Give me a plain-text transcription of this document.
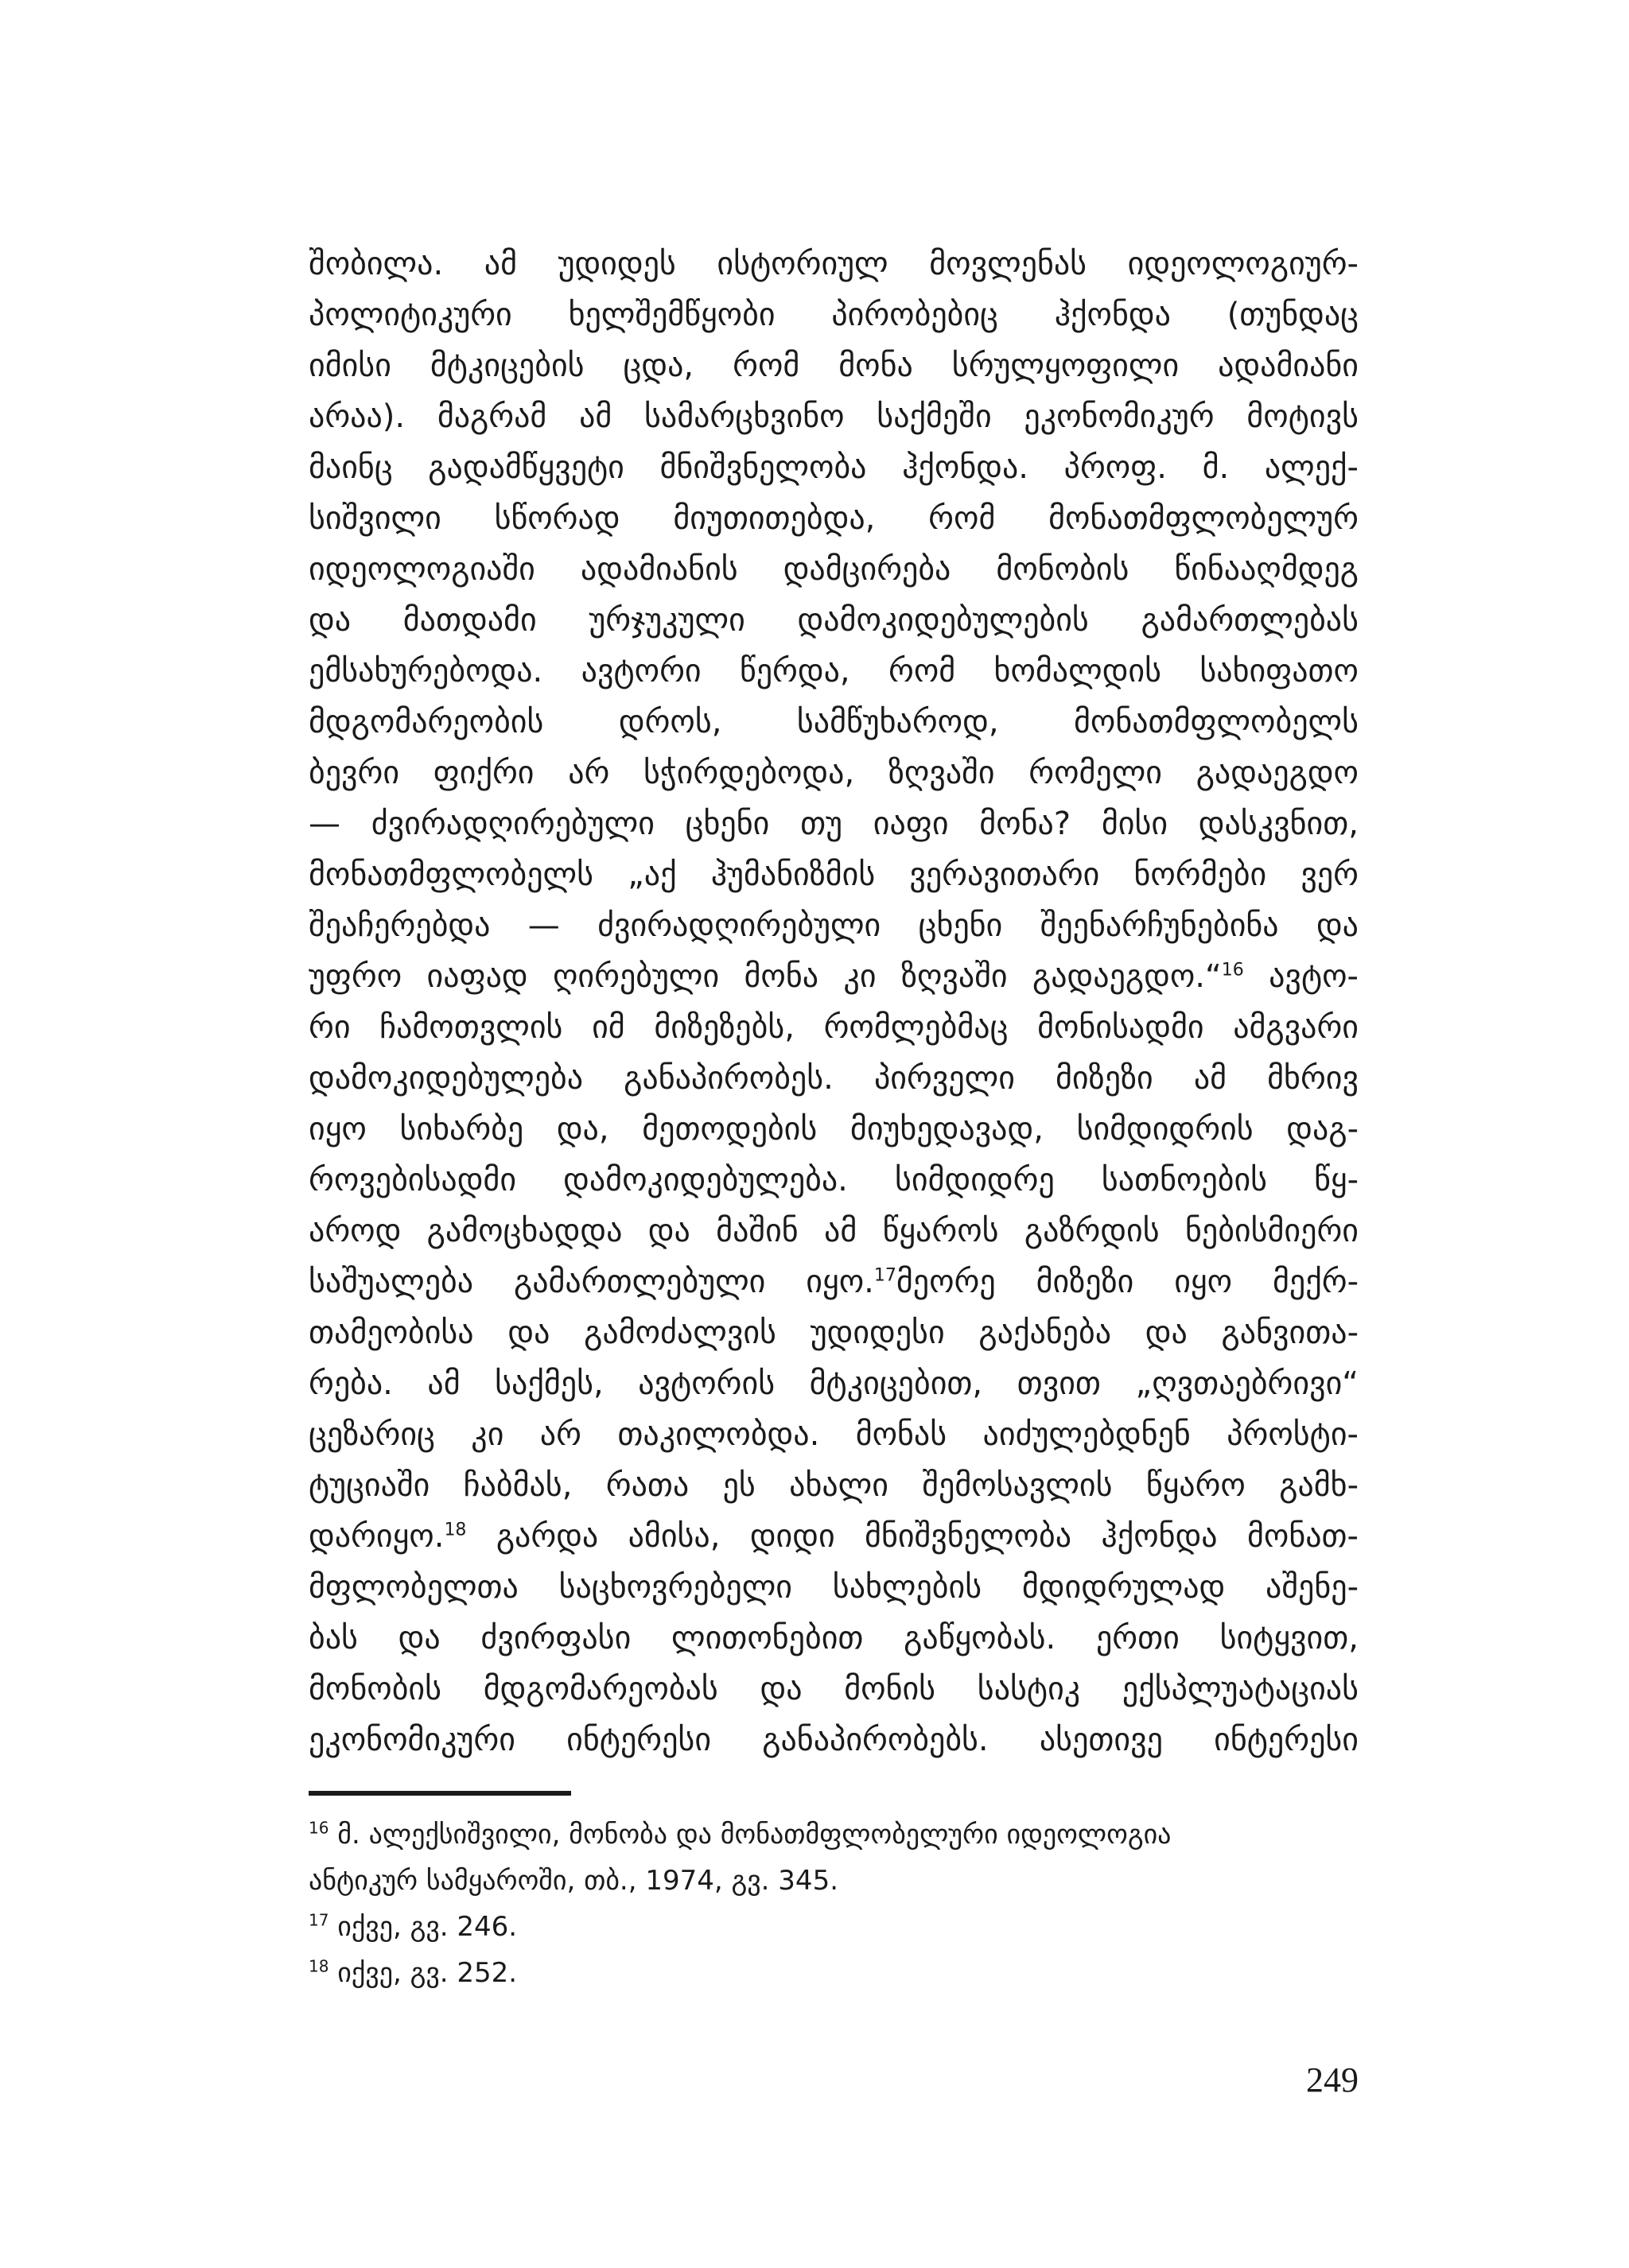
შობილა. ამ უდიდეს ისტორიულ მოვლენას იდეოლოგიურ-
პოლიტიკური ხელშემწყობი პირობებიც ჰქონდა (თუნდაც
იმისი მტკიცების ცდა, რომ მონა სრულყოფილი ადამიანი
არაა). მაგრამ ამ სამარცხვინო საქმეში ეკონომიკურ მოტივს
მაინც გადამწყვეტი მნიშვნელობა ჰქონდა. პროფ. მ. ალექ-
სიშვილი სწორად მიუთითებდა, რომ მონათმფლობელურ
იდეოლოგიაში ადამიანის დამცირება მონობის წინააღმდეგ
და მათდამი ურჯუკული დამოკიდებულების გამართლებას
ემსახურებოდა. ავტორი წერდა, რომ ხომალდის სახიფათო
მდგომარეობის დროს, სამწუხაროდ, მონათმფლობელს
ბევრი ფიქრი არ სჭირდებოდა, ზღვაში რომელი გადაეგდო
— ძვირადღირებული ცხენი თუ იაფი მონა? მისი დასკვნით,
მონათმფლობელს „აქ ჰუმანიზმის ვერავითარი ნორმები ვერ
შეაჩერებდა — ძვირადღირებული ცხენი შეენარჩუნებინა და
უფრო იაფად ღირებული მონა კი ზღვაში გადაეგდო.“$^{16}$ ავტო-
რი ჩამოთვლის იმ მიზეზებს, რომლებმაც მონისადმი ამგვარი
დამოკიდებულება განაპირობეს. პირველი მიზეზი ამ მხრივ
იყო სიხარბე და, მეთოდების მიუხედავად, სიმდიდრის დაგ-
როვებისადმი დამოკიდებულება. სიმდიდრე სათნოების წყ-
აროდ გამოცხადდა და მაშინ ამ წყაროს გაზრდის ნებისმიერი
საშუალება გამართლებული იყო.$^{17}$მეორე მიზეზი იყო მექრ-
თამეობისა და გამოძალვის უდიდესი გაქანება და განვითა-
რება. ამ საქმეს, ავტორის მტკიცებით, თვით „ღვთაებრივი“
ცეზარიც კი არ თაკილობდა. მონას აიძულებდნენ პროსტი-
ტუციაში ჩაბმას, რათა ეს ახალი შემოსავლის წყარო გამხ-
დარიყო.$^{18}$ გარდა ამისა, დიდი მნიშვნელობა ჰქონდა მონათ-
მფლობელთა საცხოვრებელი სახლების მდიდრულად აშენე-
ბას და ძვირფასი ლითონებით გაწყობას. ერთი სიტყვით,
მონობის მდგომარეობას და მონის სასტიკ ექსპლუატაციას
ეკონომიკური ინტერესი განაპირობებს. ასეთივე ინტერესი
$^{16}$ მ. ალექსიშვილი, მონობა და მონათმფლობელური იდეოლოგია
ანტიკურ სამყაროში, თბ., 1974, გვ. 345.
$^{17}$ იქვე, გვ. 246.
$^{18}$ იქვე, გვ. 252.
249
